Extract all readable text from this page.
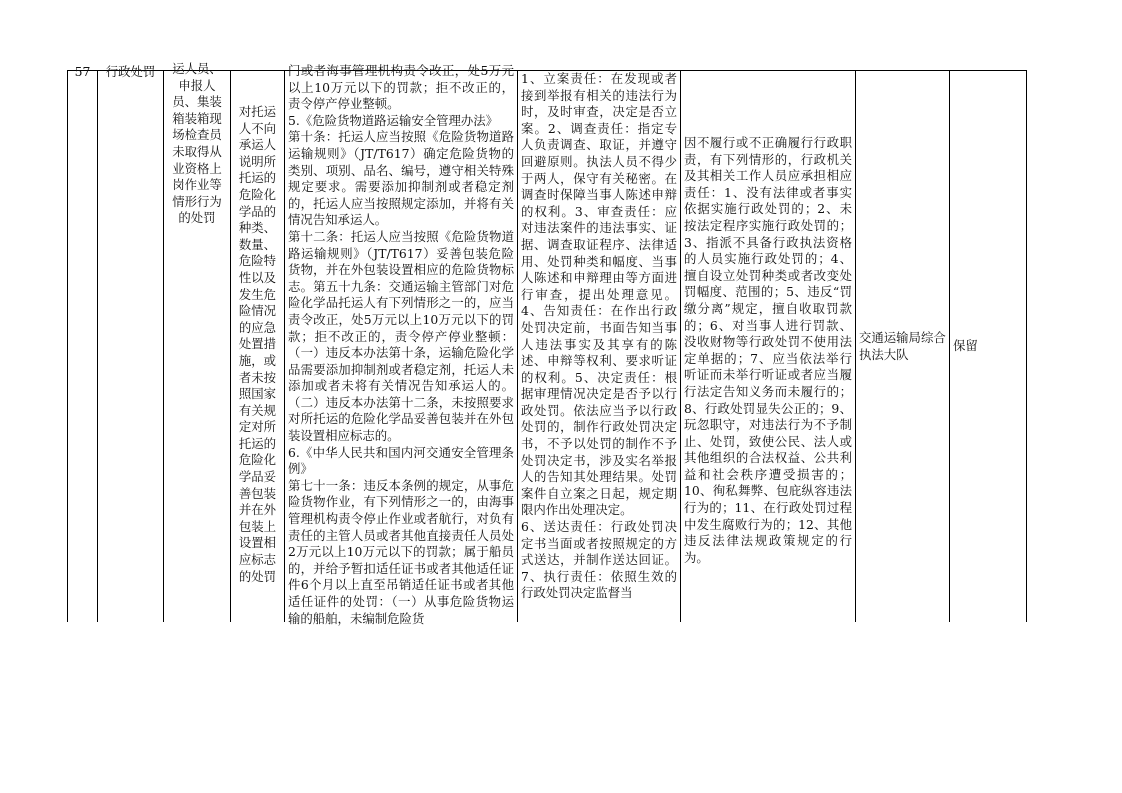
57	行政处罚	运人员、申报人员、集装箱装箱现场检查员未取得从业资格上岗作业等情形行为的处罚
对托运人不向承运人说明所托运的危险化学品的种类、数量、危险特性以及发生危险情况的应急处置措施，或者未按照国家有关规定对所托运的危险化学品妥善包装并在外包装上设置相应标志的处罚
门或者海事管理机构责令改正，处5万元以上10万元以下的罚款；拒不改正的，责令停产停业整顿。
5.《危险货物道路运输安全管理办法》
第十条：托运人应当按照《危险货物道路运输规则》（JT/T617）确定危险货物的类别、项别、品名、编号，遵守相关特殊规定要求。需要添加抑制剂或者稳定剂的，托运人应当按照规定添加，并将有关情况告知承运人。
第十二条：托运人应当按照《危险货物道路运输规则》（JT/T617）妥善包装危险货物，并在外包装设置相应的危险货物标志。第五十九条：交通运输主管部门对危险化学品托运人有下列情形之一的，应当责令改正，处5万元以上10万元以下的罚款；拒不改正的，责令停产停业整顿：（一）违反本办法第十条，运输危险化学品需要添加抑制剂或者稳定剂，托运人未添加或者未将有关情况告知承运人的。（二）违反本办法第十二条，未按照要求对所托运的危险化学品妥善包装并在外包装设置相应标志的。
6.《中华人民共和国内河交通安全管理条例》
第七十一条：违反本条例的规定，从事危险货物作业，有下列情形之一的，由海事管理机构责令停止作业或者航行，对负有责任的主管人员或者其他直接责任人员处2万元以上10万元以下的罚款；属于船员的，并给予暂扣适任证书或者其他适任证件6个月以上直至吊销适任证书或者其他适任证件的处罚：（一）从事危险货物运输的船舶，未编制危险货
1、立案责任：在发现或者接到举报有相关的违法行为时，及时审查，决定是否立案。2、调查责任：指定专人负责调查、取证，并遵守回避原则。执法人员不得少于两人，保守有关秘密。在调查时保障当事人陈述申辩的权利。3、审查责任：应对违法案件的违法事实、证据、调查取证程序、法律适用、处罚种类和幅度、当事人陈述和申辩理由等方面进行审查，提出处理意见。4、告知责任：在作出行政处罚决定前，书面告知当事人违法事实及其享有的陈述、申辩等权利、要求听证的权利。5、决定责任：根据审理情况决定是否予以行政处罚。依法应当予以行政处罚的，制作行政处罚决定书，不予以处罚的制作不予处罚决定书，涉及实名举报人的告知其处理结果。处罚案件自立案之日起，规定期限内作出处理决定。
6、送达责任：行政处罚决定书当面或者按照规定的方式送达，并制作送达回证。7、执行责任：依照生效的行政处罚决定监督当
因不履行或不正确履行行政职责，有下列情形的，行政机关及其相关工作人员应承担相应责任：1、没有法律或者事实依据实施行政处罚的；2、未按法定程序实施行政处罚的；3、指派不具备行政执法资格的人员实施行政处罚的；4、擅自设立处罚种类或者改变处罚幅度、范围的；5、违反“罚缴分离”规定，擅自收取罚款的；6、对当事人进行罚款、没收财物等行政处罚不使用法定单据的；7、应当依法举行听证而未举行听证或者应当履行法定告知义务而未履行的；8、行政处罚显失公正的；9、玩忽职守，对违法行为不予制止、处罚，致使公民、法人或其他组织的合法权益、公共利益和社会秩序遭受损害的；10、徇私舞弊、包庇纵容违法行为的；11、在行政处罚过程中发生腐败行为的；12、其他违反法律法规政策规定的行为。
交通运输局综合执法大队
保留
